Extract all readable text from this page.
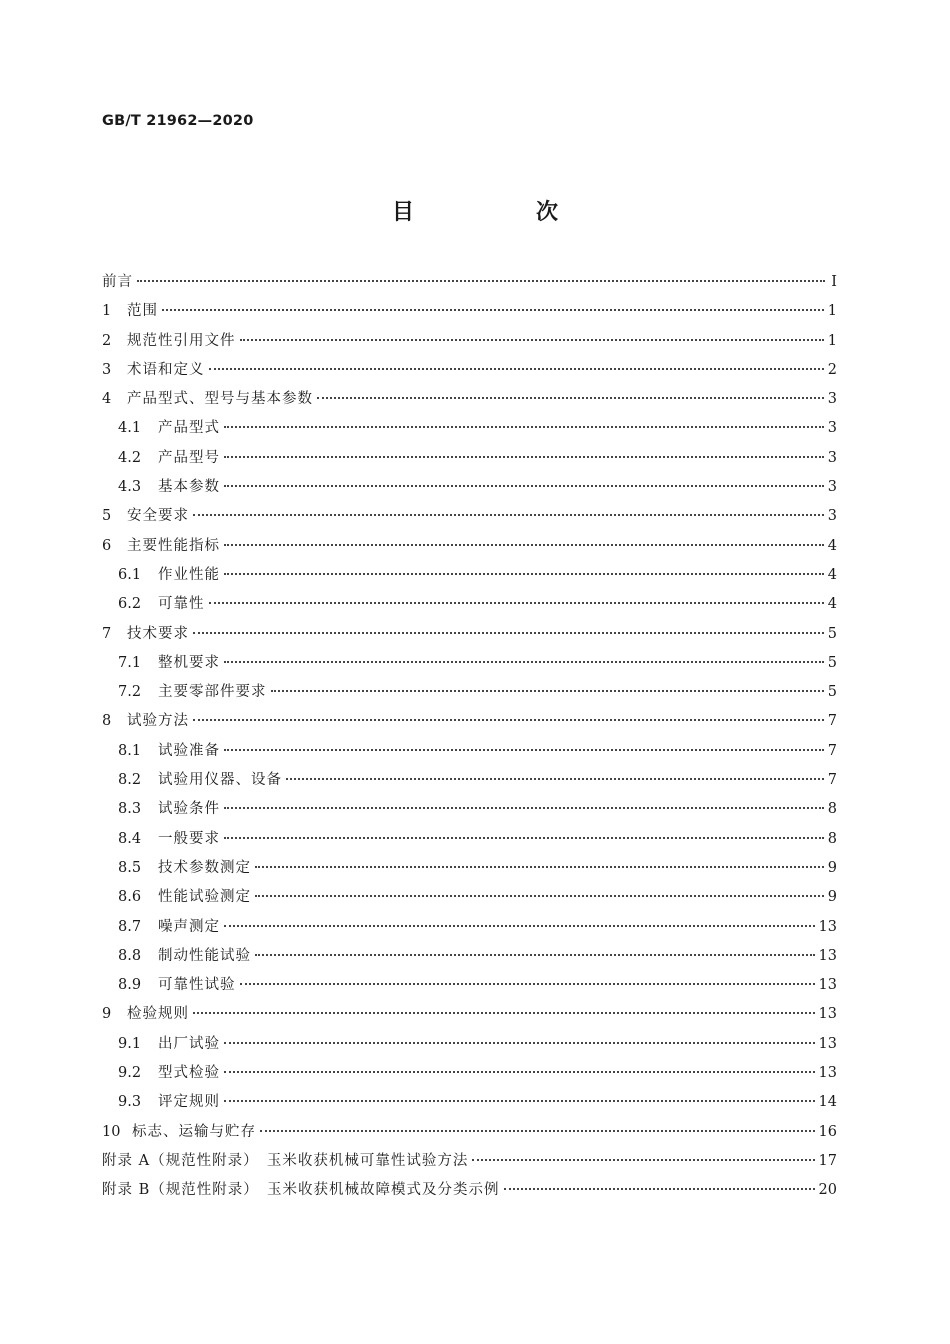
GB/T 21962—2020
目　次
前言	Ⅰ
1	范围	1
2	规范性引用文件	1
3	术语和定义	2
4	产品型式、型号与基本参数	3
4.1	产品型式	3
4.2	产品型号	3
4.3	基本参数	3
5	安全要求	3
6	主要性能指标	4
6.1	作业性能	4
6.2	可靠性	4
7	技术要求	5
7.1	整机要求	5
7.2	主要零部件要求	5
8	试验方法	7
8.1	试验准备	7
8.2	试验用仪器、设备	7
8.3	试验条件	8
8.4	一般要求	8
8.5	技术参数测定	9
8.6	性能试验测定	9
8.7	噪声测定	13
8.8	制动性能试验	13
8.9	可靠性试验	13
9	检验规则	13
9.1	出厂试验	13
9.2	型式检验	13
9.3	评定规则	14
10 标志、运输与贮存	16
附录 A（规范性附录）　玉米收获机械可靠性试验方法	17
附录 B（规范性附录）　玉米收获机械故障模式及分类示例	20
